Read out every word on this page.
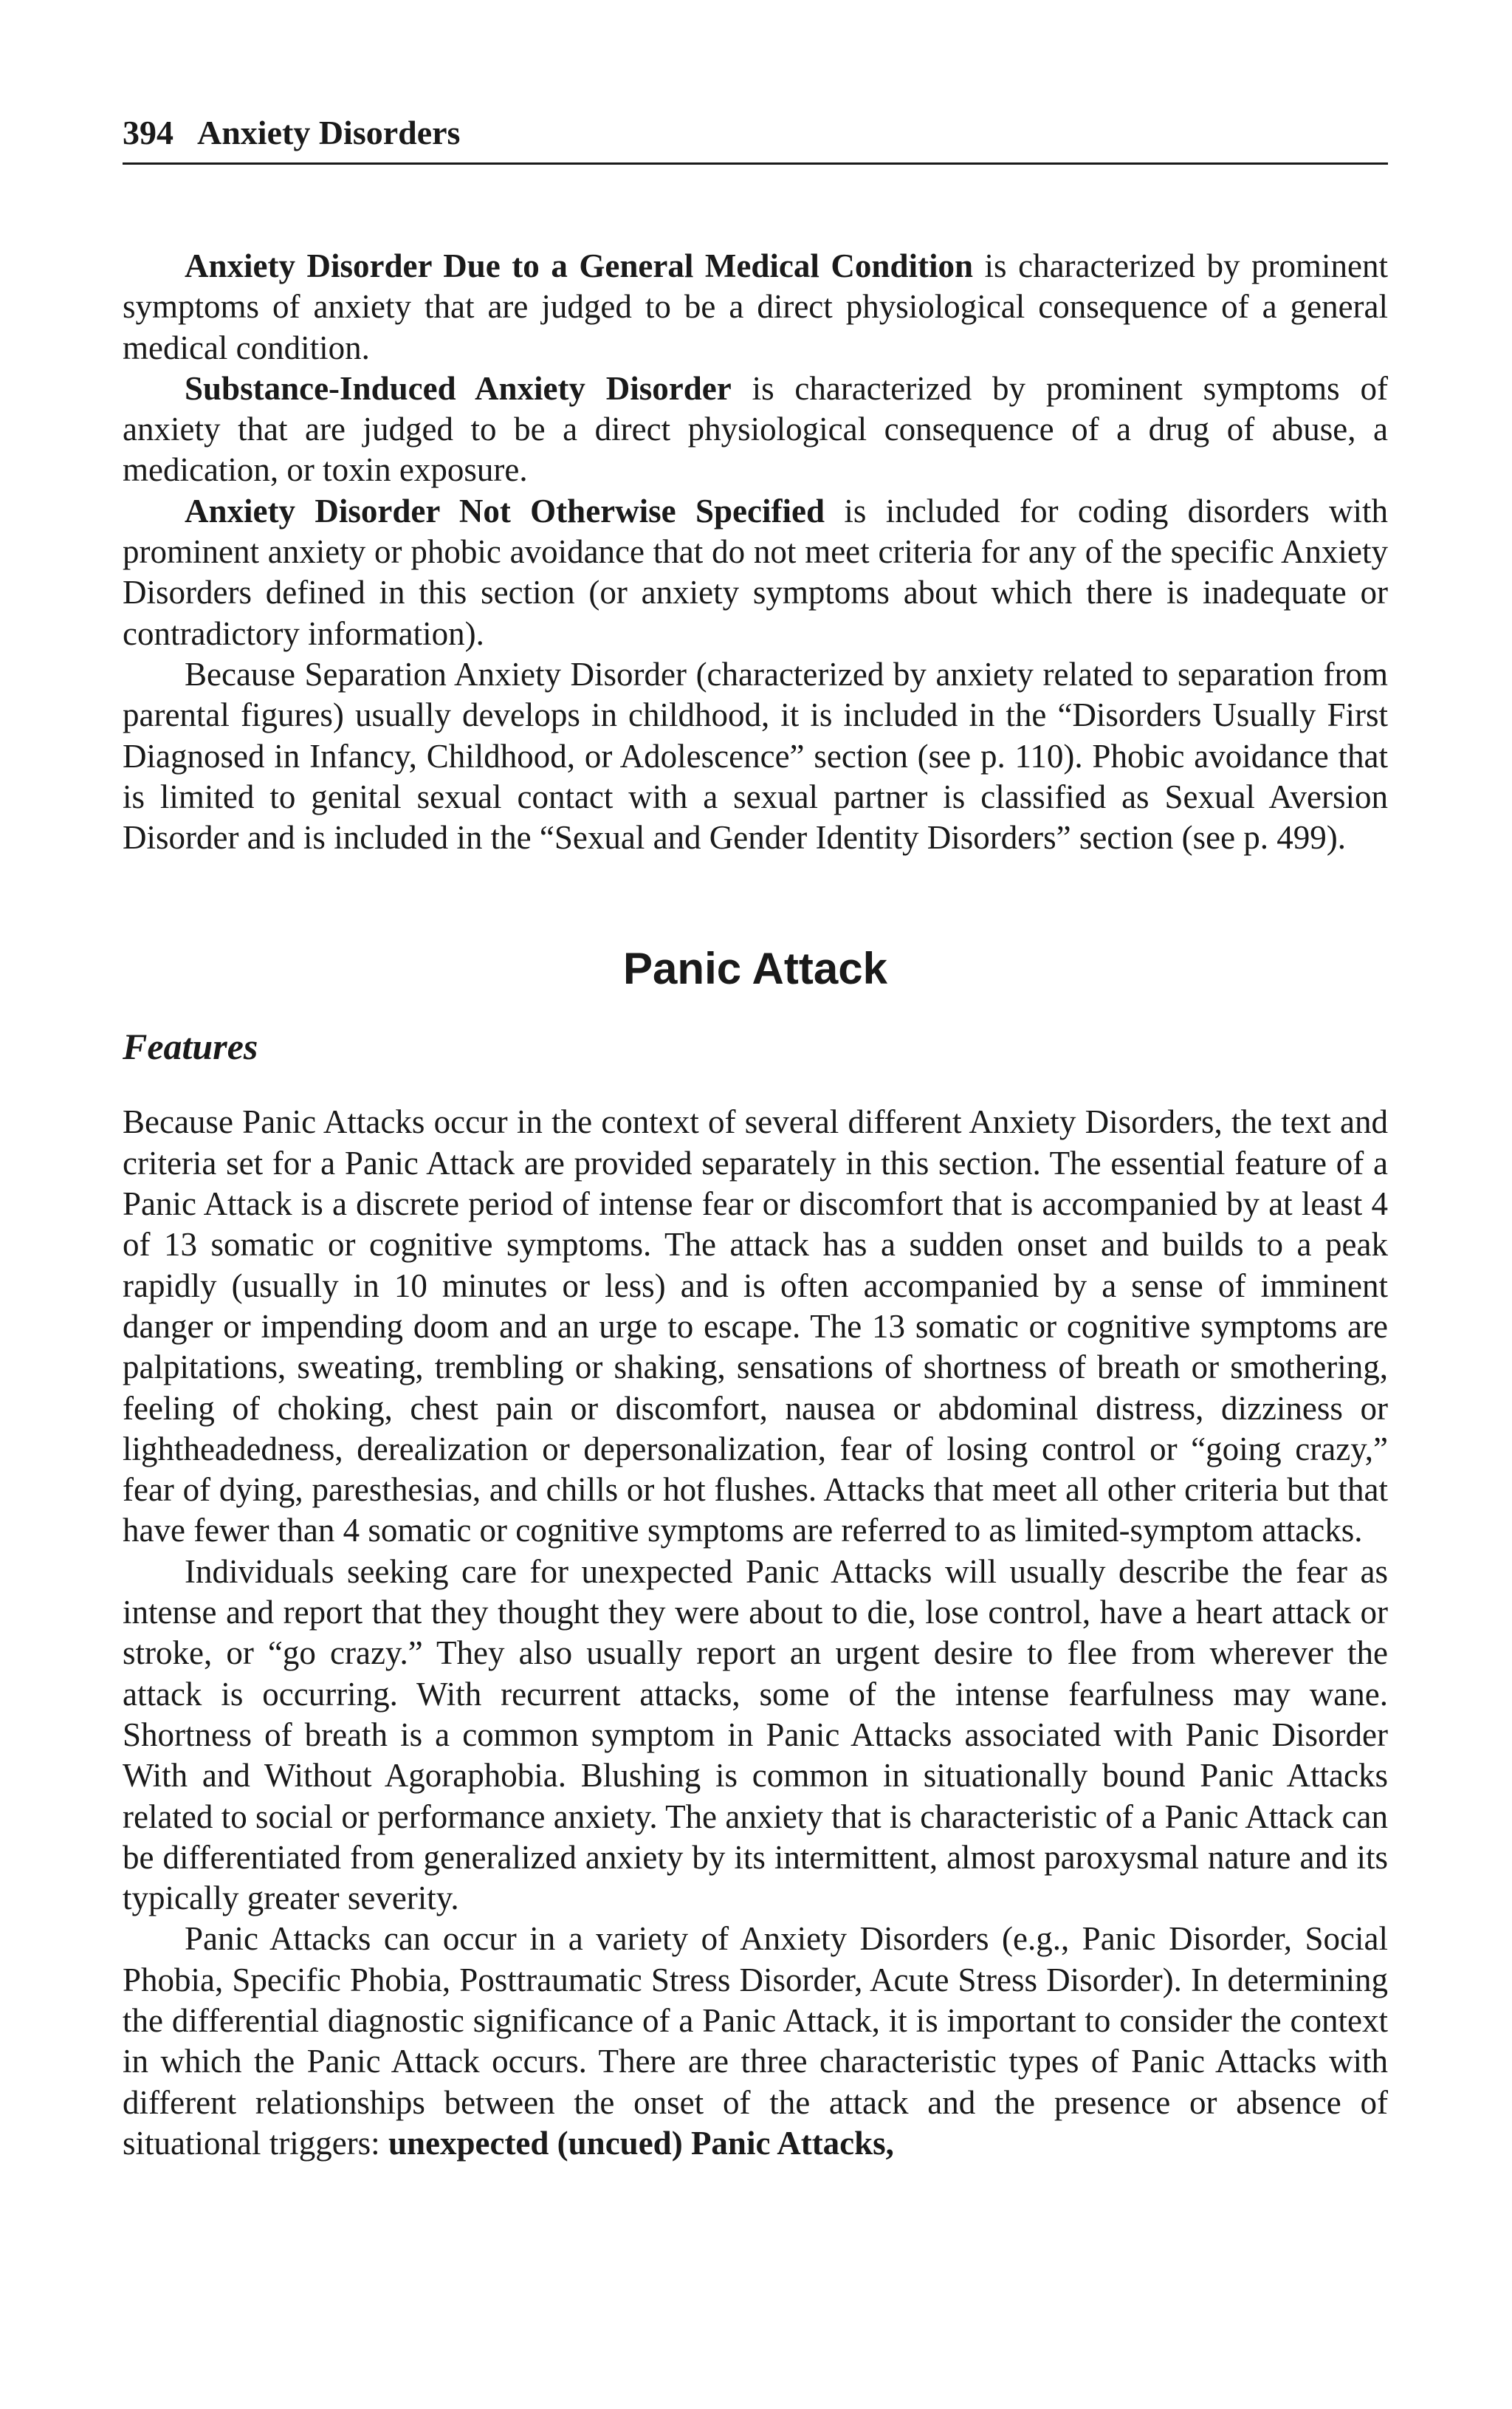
394 Anxiety Disorders

Anxiety Disorder Due to a General Medical Condition is characterized by prominent symptoms of anxiety that are judged to be a direct physiological consequence of a general medical condition.

Substance-Induced Anxiety Disorder is characterized by prominent symptoms of anxiety that are judged to be a direct physiological consequence of a drug of abuse, a medication, or toxin exposure.

Anxiety Disorder Not Otherwise Specified is included for coding disorders with prominent anxiety or phobic avoidance that do not meet criteria for any of the specific Anxiety Disorders defined in this section (or anxiety symptoms about which there is inadequate or contradictory information).

Because Separation Anxiety Disorder (characterized by anxiety related to separation from parental figures) usually develops in childhood, it is included in the “Disorders Usually First Diagnosed in Infancy, Childhood, or Adolescence” section (see p. 110). Phobic avoidance that is limited to genital sexual contact with a sexual partner is classified as Sexual Aversion Disorder and is included in the “Sexual and Gender Identity Disorders” section (see p. 499).

Panic Attack
Features

Because Panic Attacks occur in the context of several different Anxiety Disorders, the text and criteria set for a Panic Attack are provided separately in this section. The essential feature of a Panic Attack is a discrete period of intense fear or discomfort that is accompanied by at least 4 of 13 somatic or cognitive symptoms. The attack has a sudden onset and builds to a peak rapidly (usually in 10 minutes or less) and is often accompanied by a sense of imminent danger or impending doom and an urge to escape. The 13 somatic or cognitive symptoms are palpitations, sweating, trembling or shaking, sensations of shortness of breath or smothering, feeling of choking, chest pain or discomfort, nausea or abdominal distress, dizziness or lightheadedness, derealization or depersonalization, fear of losing control or “going crazy,” fear of dying, paresthesias, and chills or hot flushes. Attacks that meet all other criteria but that have fewer than 4 somatic or cognitive symptoms are referred to as limited-symptom attacks.

Individuals seeking care for unexpected Panic Attacks will usually describe the fear as intense and report that they thought they were about to die, lose control, have a heart attack or stroke, or “go crazy.” They also usually report an urgent desire to flee from wherever the attack is occurring. With recurrent attacks, some of the intense fearfulness may wane. Shortness of breath is a common symptom in Panic Attacks associated with Panic Disorder With and Without Agoraphobia. Blushing is common in situationally bound Panic Attacks related to social or performance anxiety. The anxiety that is characteristic of a Panic Attack can be differentiated from generalized anxiety by its intermittent, almost paroxysmal nature and its typically greater severity.

Panic Attacks can occur in a variety of Anxiety Disorders (e.g., Panic Disorder, Social Phobia, Specific Phobia, Posttraumatic Stress Disorder, Acute Stress Disorder). In determining the differential diagnostic significance of a Panic Attack, it is important to consider the context in which the Panic Attack occurs. There are three characteristic types of Panic Attacks with different relationships between the onset of the attack and the presence or absence of situational triggers: unexpected (uncued) Panic Attacks,
